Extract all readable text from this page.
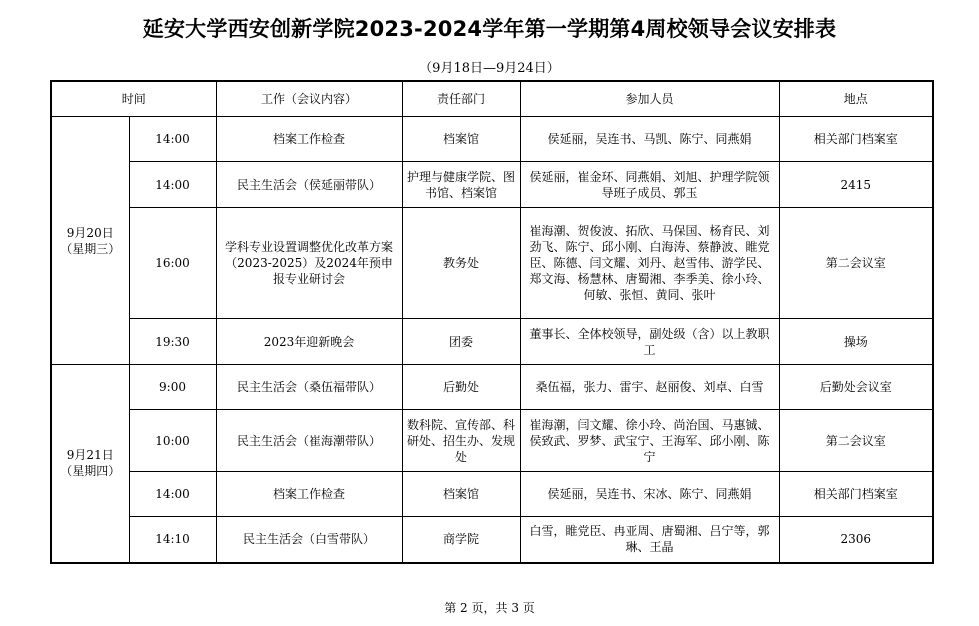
延安大学西安创新学院2023-2024学年第一学期第4周校领导会议安排表
（9月18日—9月24日）
时间		工作（会议内容）	责任部门	参加人员	地点

9月20日
（星期三）	14:00	档案工作检查	档案馆	侯延丽，吴连书、马凯、陈宁、同燕娟	相关部门档案室
	14:00	民主生活会（侯延丽带队）	护理与健康学院、图书馆、档案馆	侯延丽，崔金环、同燕娟、刘旭、护理学院领导班子成员、郭玉	2415
	16:00	学科专业设置调整优化改革方案（2023-2025）及2024年预申报专业研讨会	教务处	崔海潮、贺俊波、拓欣、马保国、杨育民、刘劲飞、陈宁、邱小刚、白海涛、蔡静波、睢党臣、陈德、闫文耀、刘丹、赵雪伟、游学民、郑文海、杨慧林、唐蜀湘、李季美、徐小玲、何敏、张恒、黄同、张叶	第二会议室
	19:30	2023年迎新晚会	团委	董事长、全体校领导，副处级（含）以上教职工	操场

9月21日
（星期四）	9:00	民主生活会（桑伍福带队）	后勤处	桑伍福，张力、雷宇、赵丽俊、刘卓、白雪	后勤处会议室
	10:00	民主生活会（崔海潮带队）	数科院、宣传部、科研处、招生办、发规处	崔海潮，闫文耀、徐小玲、尚治国、马惠铖、侯致武、罗梦、武宝宁、王海军、邱小刚、陈宁	第二会议室
	14:00	档案工作检查	档案馆	侯延丽，吴连书、宋冰、陈宁、同燕娟	相关部门档案室
	14:10	民主生活会（白雪带队）	商学院	白雪，睢党臣、冉亚周、唐蜀湘、吕宁等，郭琳、王晶	2306
第 2 页，共 3 页
